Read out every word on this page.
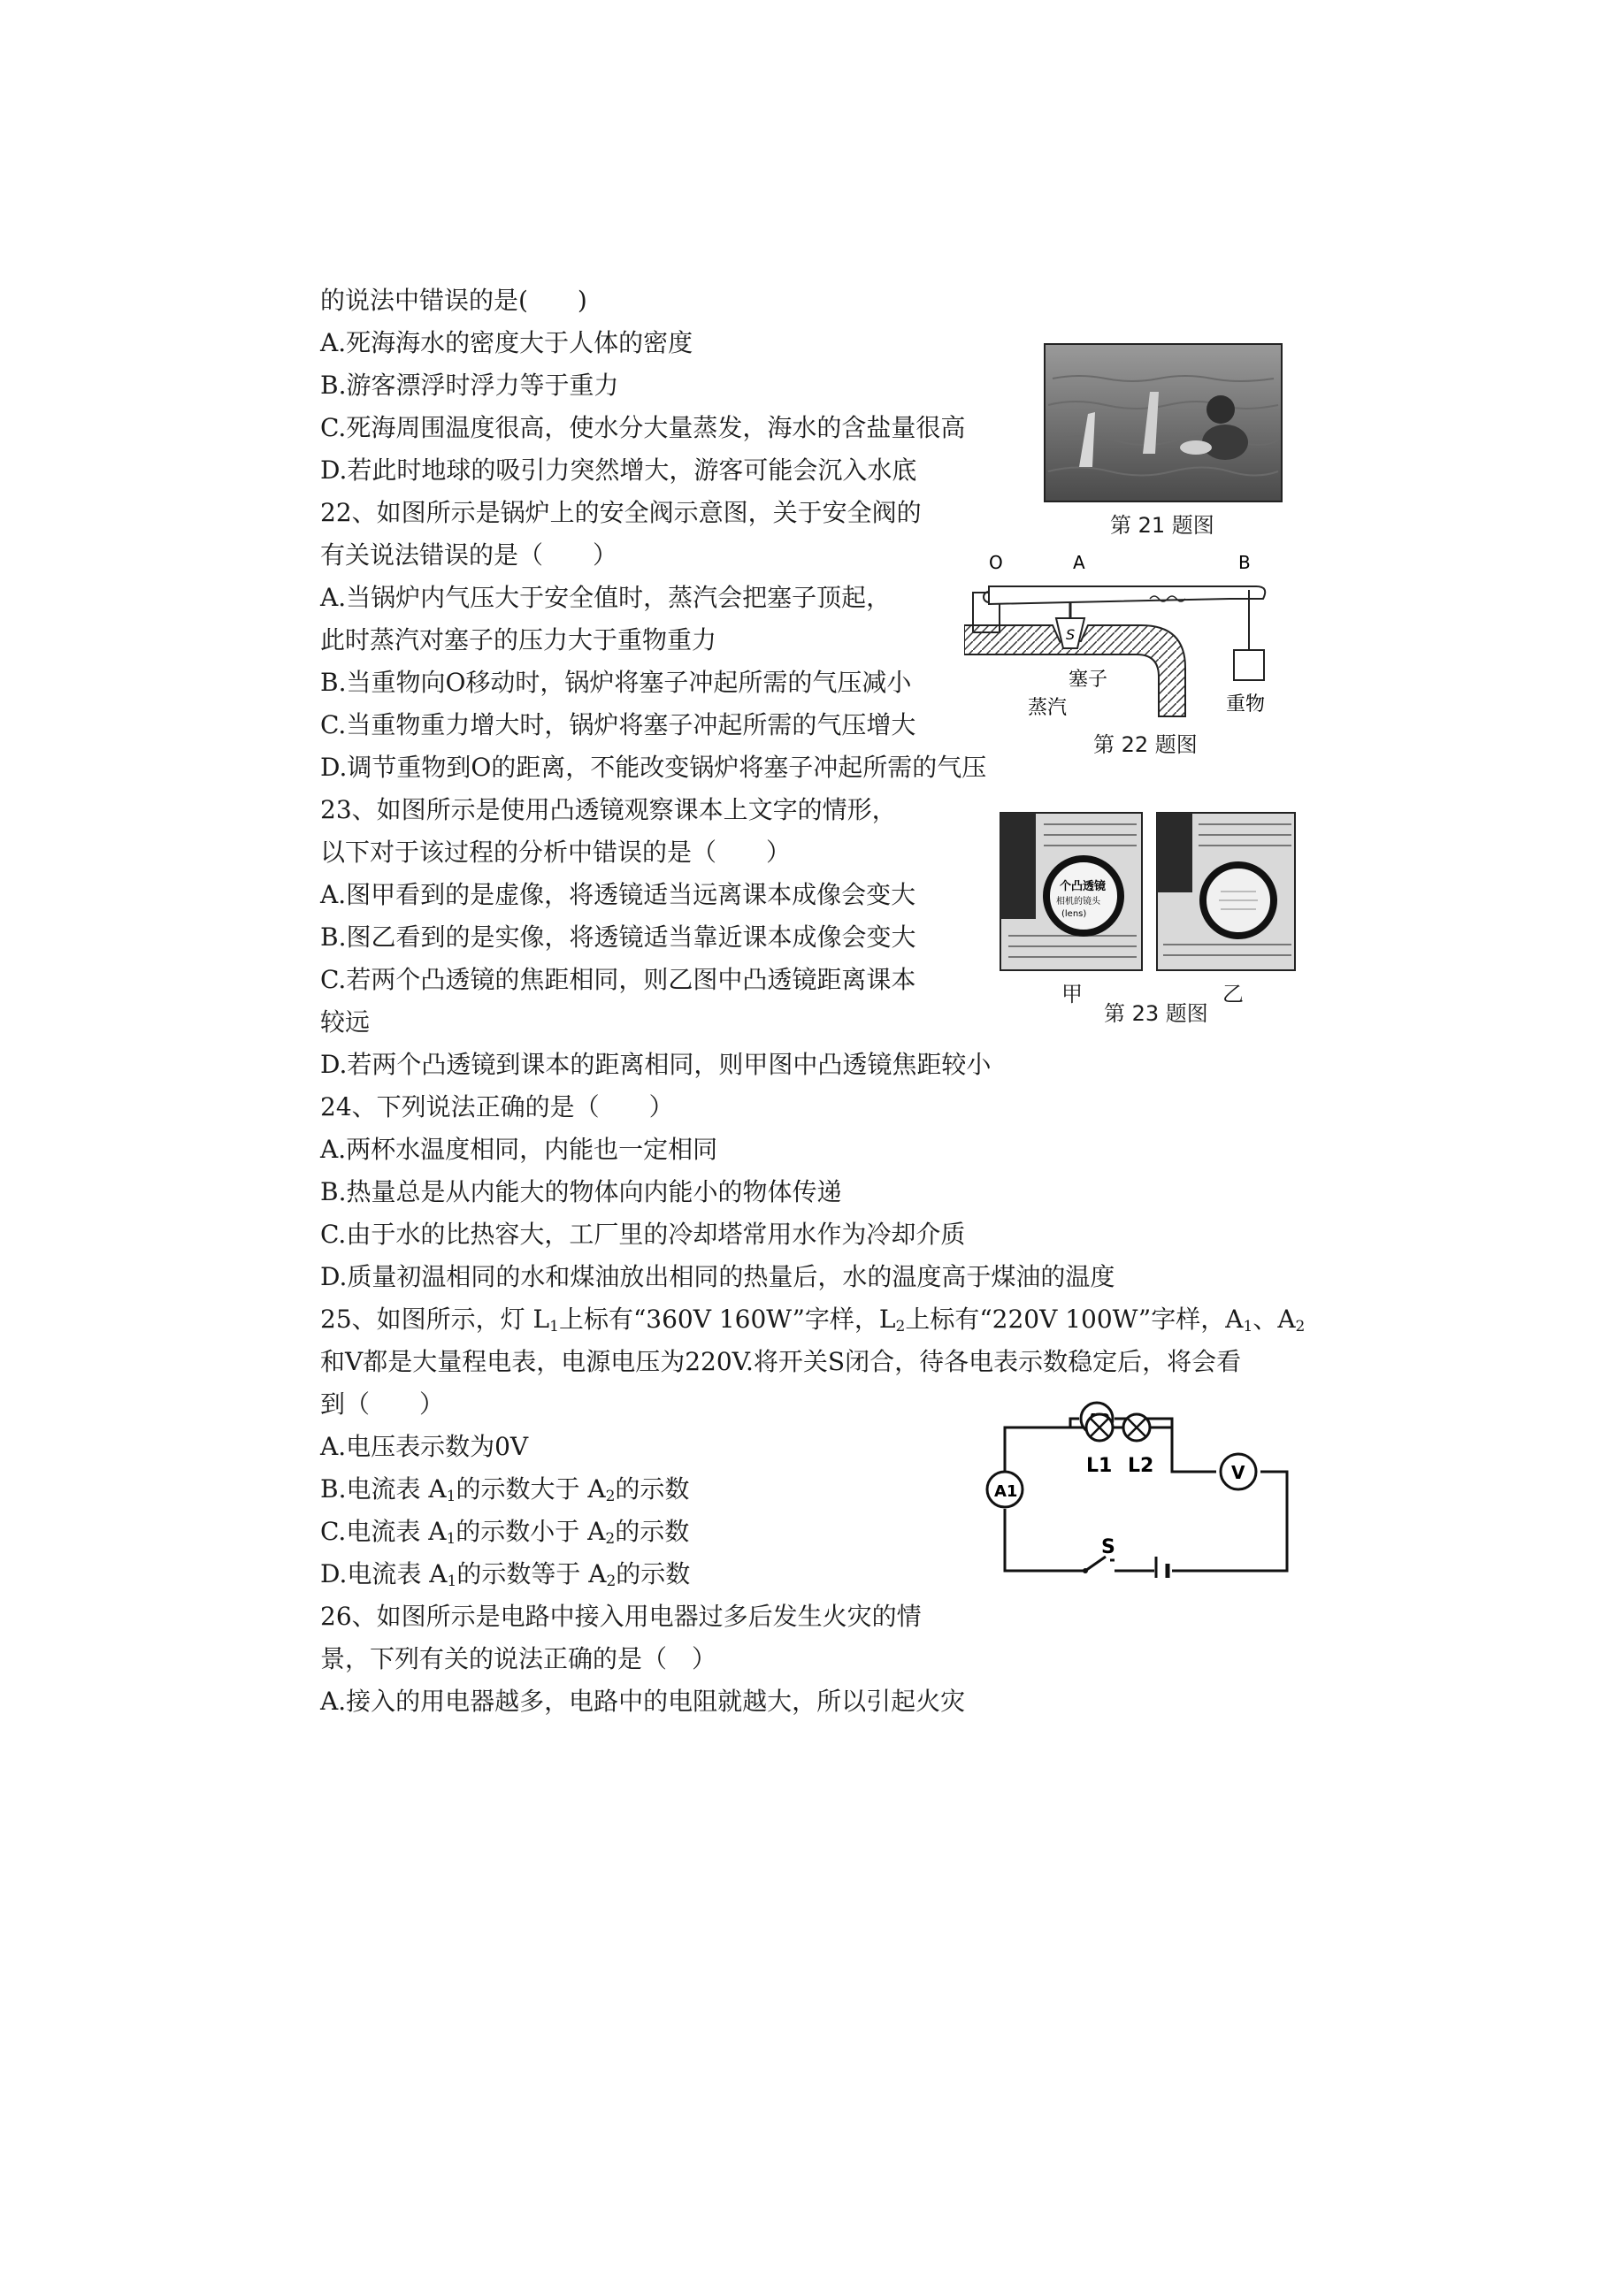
的说法中错误的是(　　)
A.死海海水的密度大于人体的密度
B.游客漂浮时浮力等于重力
C.死海周围温度很高，使水分大量蒸发，海水的含盐量很高
D.若此时地球的吸引力突然增大，游客可能会沉入水底
22、如图所示是锅炉上的安全阀示意图，关于安全阀的
有关说法错误的是（　　）
A.当锅炉内气压大于安全值时，蒸汽会把塞子顶起，
此时蒸汽对塞子的压力大于重物重力
B.当重物向O移动时，锅炉将塞子冲起所需的气压减小
C.当重物重力增大时，锅炉将塞子冲起所需的气压增大
D.调节重物到O的距离，不能改变锅炉将塞子冲起所需的气压
23、如图所示是使用凸透镜观察课本上文字的情形，
以下对于该过程的分析中错误的是（　　）
A.图甲看到的是虚像，将透镜适当远离课本成像会变大
B.图乙看到的是实像，将透镜适当靠近课本成像会变大
C.若两个凸透镜的焦距相同，则乙图中凸透镜距离课本
较远
D.若两个凸透镜到课本的距离相同，则甲图中凸透镜焦距较小
24、下列说法正确的是（　　）
A.两杯水温度相同，内能也一定相同
B.热量总是从内能大的物体向内能小的物体传递
C.由于水的比热容大，工厂里的冷却塔常用水作为冷却介质
D.质量初温相同的水和煤油放出相同的热量后，水的温度高于煤油的温度
25、如图所示，灯 $L_1$上标有“360V 160W”字样，$L_2$上标有“220V 100W”字样，$A_1$、$A_2$
和V都是大量程电表，电源电压为220V.将开关S闭合，待各电表示数稳定后，将会看
到（　　）
A.电压表示数为0V
B.电流表 $A_1$的示数大于 $A_2$的示数
C.电流表 $A_1$的示数小于 $A_2$的示数
D.电流表 $A_1$的示数等于 $A_2$的示数
26、如图所示是电路中接入用电器过多后发生火灾的情
景，下列有关的说法正确的是（　）
A.接入的用电器越多，电路中的电阻就越大，所以引起火灾
第 21 题图
S
O	A	B
塞子
蒸汽	重物
第 22 题图
个凸透镜
相机的镜头
(lens)
甲	乙
第 23 题图
V
A1
L1 L2
S
